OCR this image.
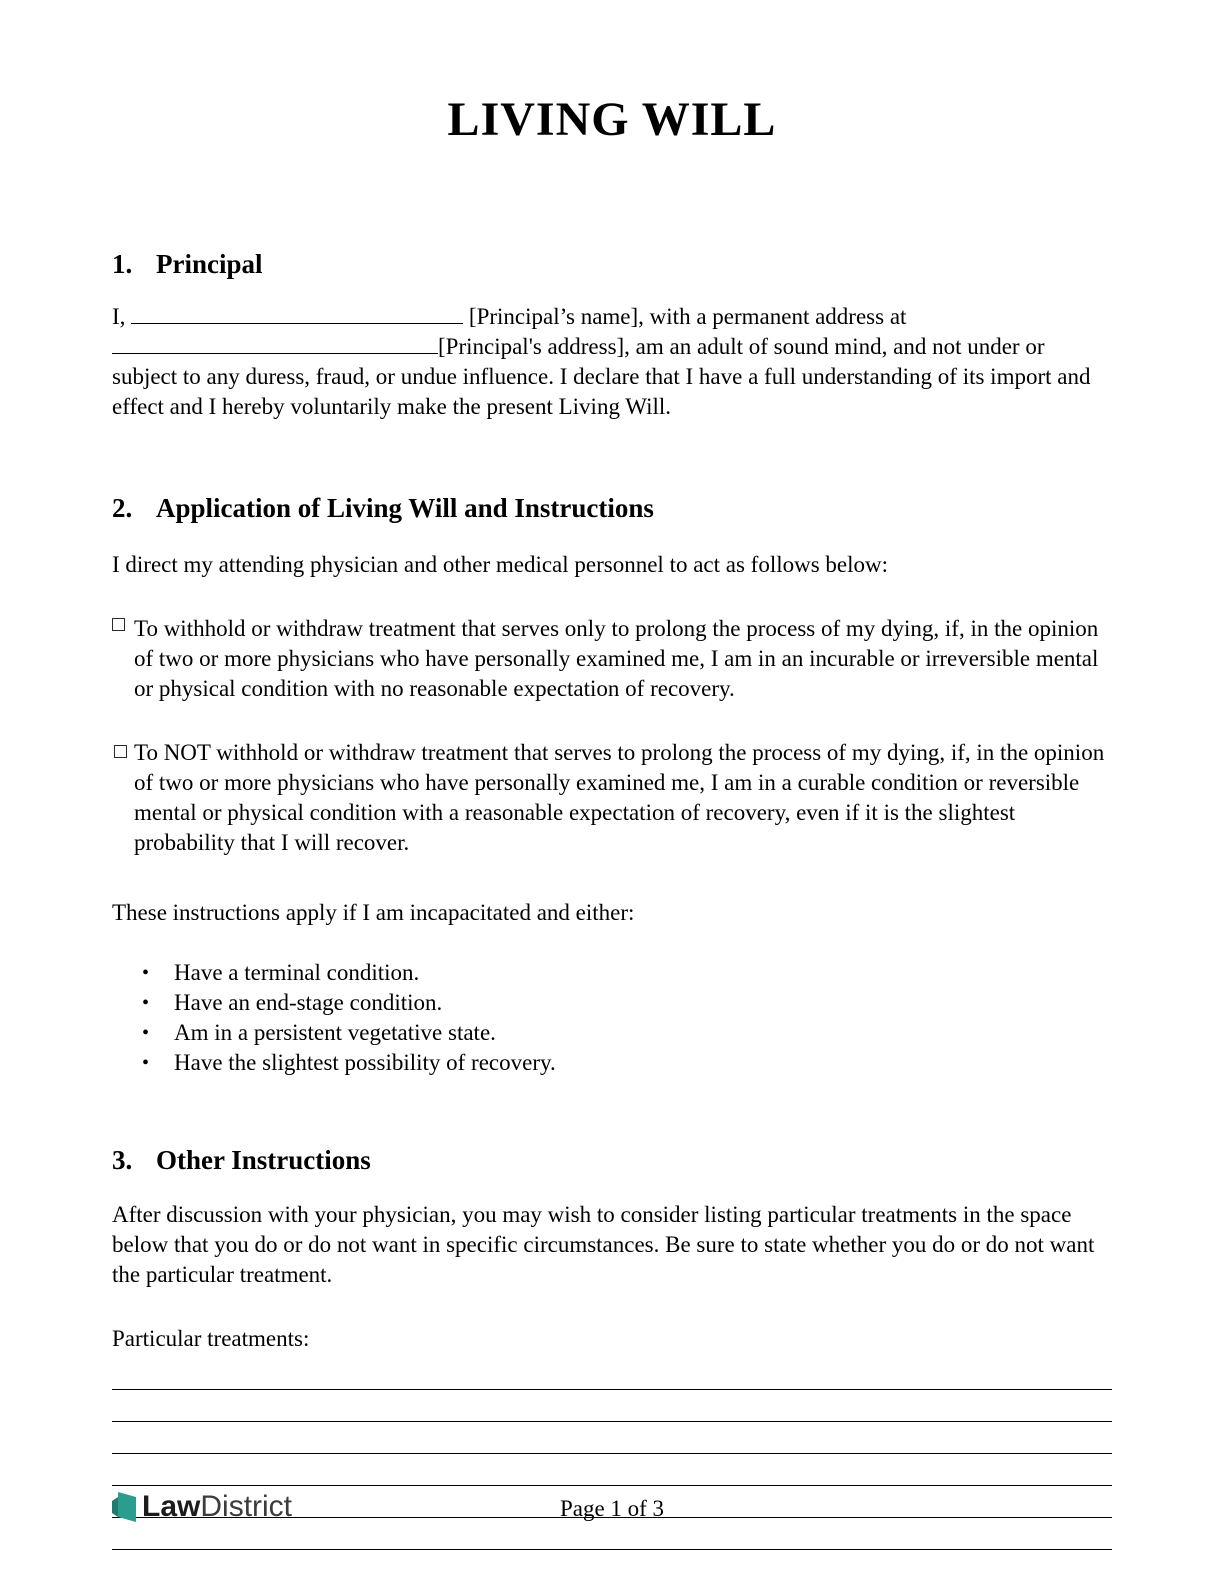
LIVING WILL
1. Principal

I,	[Principal’s name], with a permanent address at [Principal's address], am an adult of sound mind, and not under or subject to any duress, fraud, or undue influence. I declare that I have a full understanding of its import and effect and I hereby voluntarily make the present Living Will.

2. Application of Living Will and Instructions

I direct my attending physician and other medical personnel to act as follows below:

To withhold or withdraw treatment that serves only to prolong the process of my dying, if, in the opinion of two or more physicians who have personally examined me, I am in an incurable or irreversible mental or physical condition with no reasonable expectation of recovery.
To NOT withhold or withdraw treatment that serves to prolong the process of my dying, if, in the opinion of two or more physicians who have personally examined me, I am in a curable condition or reversible mental or physical condition with a reasonable expectation of recovery, even if it is the slightest probability that I will recover.

These instructions apply if I am incapacitated and either:

• Have a terminal condition.
• Have an end-stage condition.
• Am in a persistent vegetative state.
• Have the slightest possibility of recovery.
3. Other Instructions

After discussion with your physician, you may wish to consider listing particular treatments in the space below that you do or do not want in specific circumstances. Be sure to state whether you do or do not want the particular treatment.

Particular treatments:

Law District	Page 1 of 3
